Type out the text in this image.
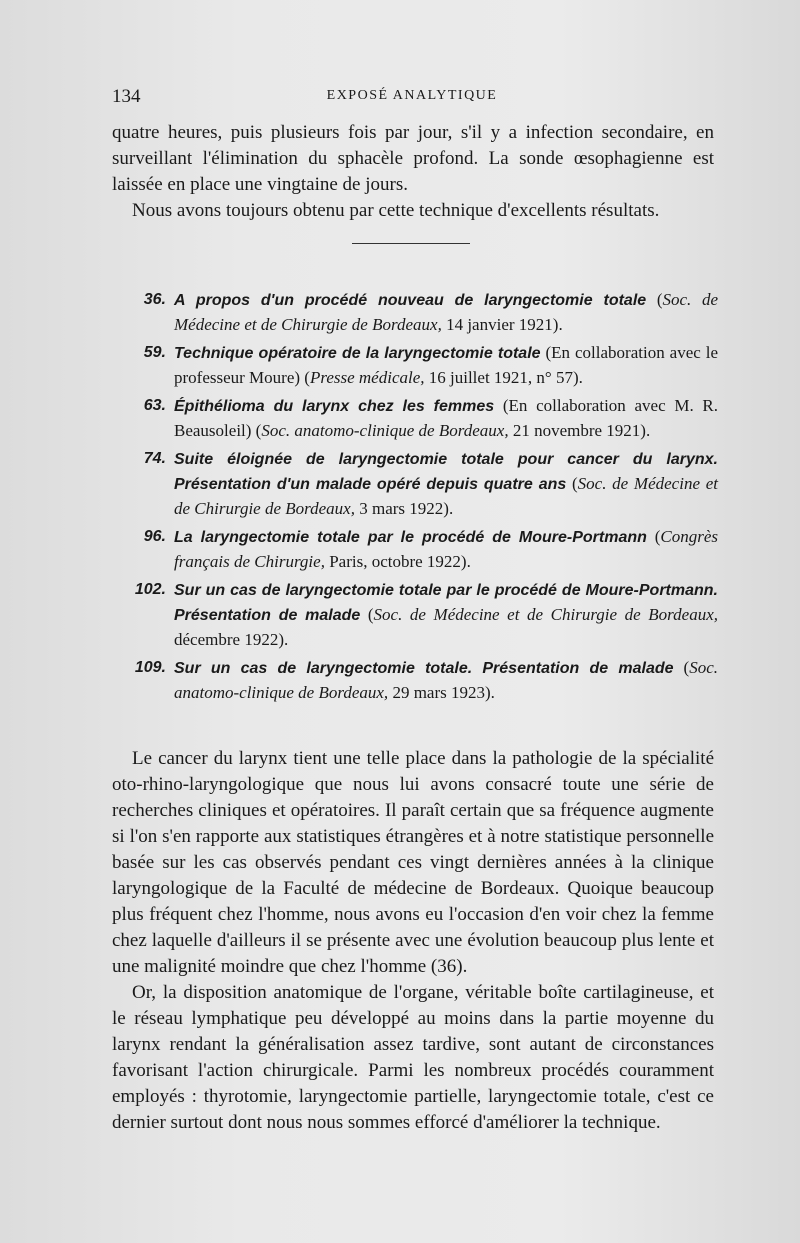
134	EXPOSÉ ANALYTIQUE

quatre heures, puis plusieurs fois par jour, s'il y a infection secondaire, en surveillant l'élimination du sphacèle profond. La sonde œsophagienne est laissée en place une vingtaine de jours.

Nous avons toujours obtenu par cette technique d'excellents résultats.

36. A propos d'un procédé nouveau de laryngectomie totale (Soc. de Médecine et de Chirurgie de Bordeaux, 14 janvier 1921).
59. Technique opératoire de la laryngectomie totale (En collaboration avec le professeur Moure) (Presse médicale, 16 juillet 1921, n° 57).
63. Épithélioma du larynx chez les femmes (En collaboration avec M. R. Beausoleil) (Soc. anatomo-clinique de Bordeaux, 21 novembre 1921).
74. Suite éloignée de laryngectomie totale pour cancer du larynx. Présentation d'un malade opéré depuis quatre ans (Soc. de Médecine et de Chirurgie de Bordeaux, 3 mars 1922).
96. La laryngectomie totale par le procédé de Moure-Portmann (Congrès français de Chirurgie, Paris, octobre 1922).
102. Sur un cas de laryngectomie totale par le procédé de Moure-Portmann. Présentation de malade (Soc. de Médecine et de Chirurgie de Bordeaux, décembre 1922).
109. Sur un cas de laryngectomie totale. Présentation de malade (Soc. anatomo-clinique de Bordeaux, 29 mars 1923).

Le cancer du larynx tient une telle place dans la pathologie de la spécialité oto-rhino-laryngologique que nous lui avons consacré toute une série de recherches cliniques et opératoires. Il paraît certain que sa fréquence augmente si l'on s'en rapporte aux statistiques étrangères et à notre statistique personnelle basée sur les cas observés pendant ces vingt dernières années à la clinique laryngologique de la Faculté de médecine de Bordeaux. Quoique beaucoup plus fréquent chez l'homme, nous avons eu l'occasion d'en voir chez la femme chez laquelle d'ailleurs il se présente avec une évolution beaucoup plus lente et une malignité moindre que chez l'homme (36).

Or, la disposition anatomique de l'organe, véritable boîte cartilagineuse, et le réseau lymphatique peu développé au moins dans la partie moyenne du larynx rendant la généralisation assez tardive, sont autant de circonstances favorisant l'action chirurgicale. Parmi les nombreux procédés couramment employés : thyrotomie, laryngectomie partielle, laryngectomie totale, c'est ce dernier surtout dont nous nous sommes efforcé d'améliorer la technique.
